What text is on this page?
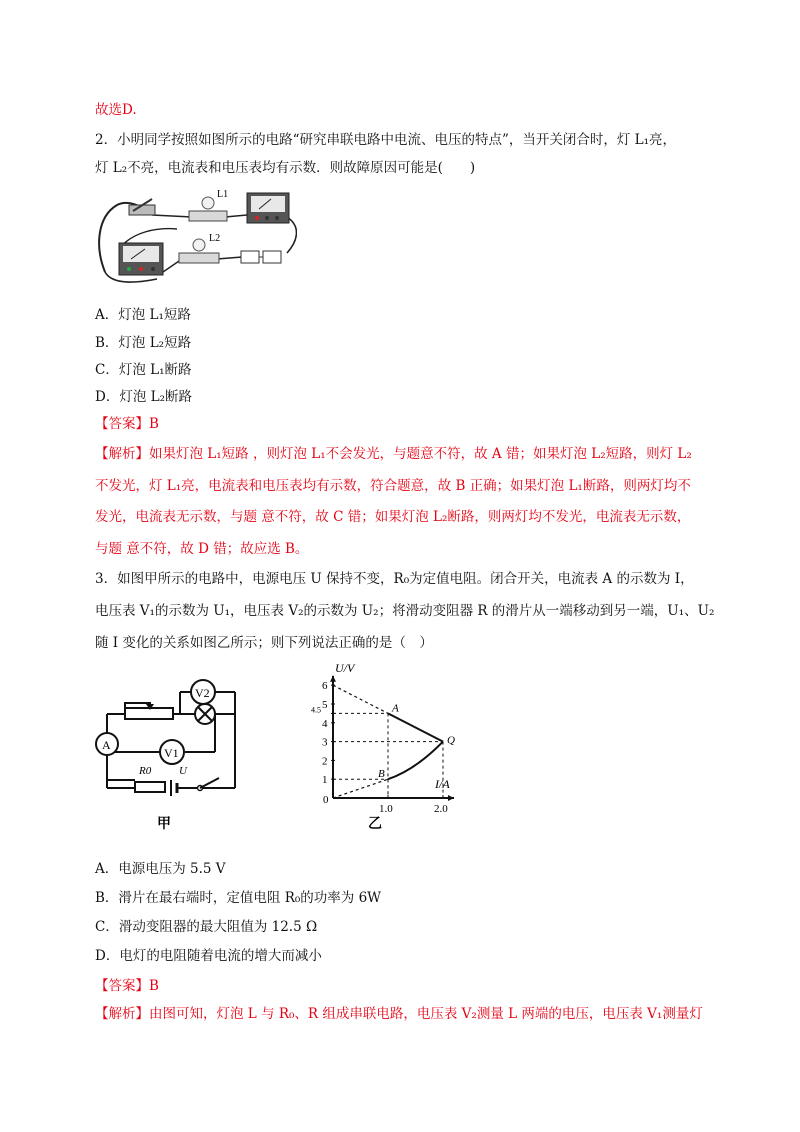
故选D.
2．小明同学按照如图所示的电路“研究串联电路中电流、电压的特点”，当开关闭合时，灯 L₁亮，
灯 L₂不亮，电流表和电压表均有示数．则故障原因可能是(　　)
L1
L2
A．灯泡 L₁短路
B．灯泡 L₂短路
C．灯泡 L₁断路
D．灯泡 L₂断路
【答案】B
【解析】如果灯泡 L₁短路 ，则灯泡 L₁不会发光，与题意不符，故 A 错；如果灯泡 L₂短路，则灯 L₂
不发光，灯 L₁亮，电流表和电压表均有示数，符合题意，故 B 正确；如果灯泡 L₁断路，则两灯均不
发光，电流表无示数，与题 意不符，故 C 错；如果灯泡 L₂断路，则两灯均不发光，电流表无示数，
与题 意不符，故 D 错；故应选 B。
3．如图甲所示的电路中，电源电压 U 保持不变，R₀为定值电阻。闭合开关，电流表 A 的示数为 I，
电压表 V₁的示数为 U₁，电压表 V₂的示数为 U₂；将滑动变阻器 R 的滑片从一端移动到另一端，U₁、U₂
随 I 变化的关系如图乙所示；则下列说法正确的是（　）
V2
A
V1
R0	U
甲
U/V
I/A
乙
0
1
2
3
4
5
6
4.5
1.0	2.0
A
B
Q
A．电源电压为 5.5 V
B．滑片在最右端时，定值电阻 R₀的功率为 6W
C．滑动变阻器的最大阻值为 12.5 Ω
D．电灯的电阻随着电流的增大而减小
【答案】B
【解析】由图可知，灯泡 L 与 R₀、R 组成串联电路，电压表 V₂测量 L 两端的电压，电压表 V₁测量灯
